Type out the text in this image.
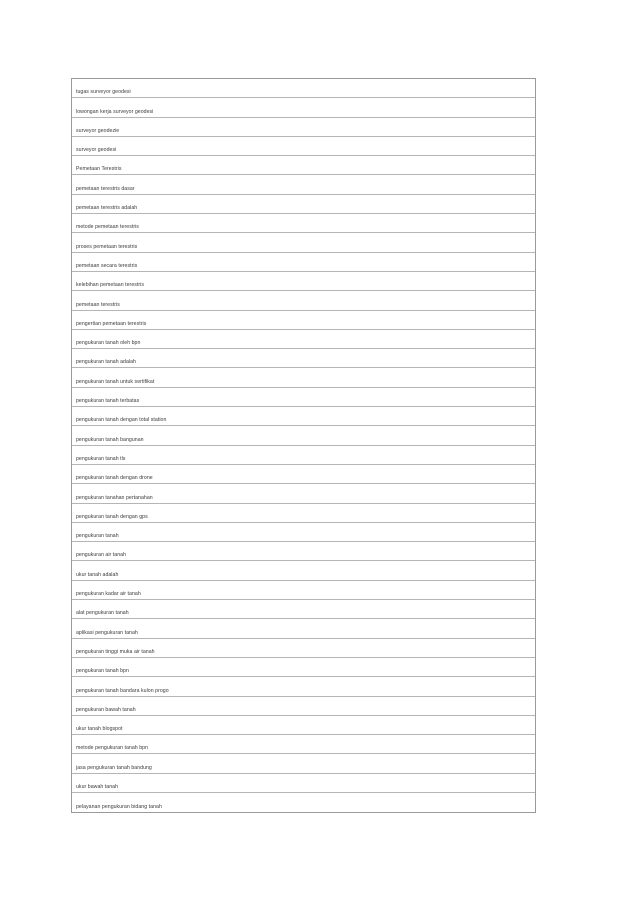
tugas surveyor geodesi
lowongan kerja surveyor geodesi
surveyor geodezie
surveyor geodesi
Pemetaan Terestris
pemetaan terestris dasar
pemetaan terestris adalah
metode pemetaan terestris
proses pemetaan terestris
pemetaan secara terestris
kelebihan pemetaan terestris
pemetaan terestris
pengertian pemetaan terestris
pengukuran tanah oleh bpn
pengukuran tanah adalah
pengukuran tanah untuk sertifikat
pengukuran tanah terbatas
pengukuran tanah dengan total station
pengukuran tanah bangunan
pengukuran tanah tls
pengukuran tanah dengan drone
pengukuran tanahan pertanahan
pengukuran tanah dengan gps
pengukuran tanah
pengukuran air tanah
ukur tanah adalah
pengukuran kadar air tanah
alat pengukuran tanah
aplikasi pengukuran tanah
pengukuran tinggi muka air tanah
pengukuran tanah bpn
pengukuran tanah bandara kulon progo
pengukuran bawah tanah
ukur tanah blogspot
metode pengukuran tanah bpn
jasa pengukuran tanah bandung
ukur bawah tanah
pelayanan pengukuran bidang tanah
